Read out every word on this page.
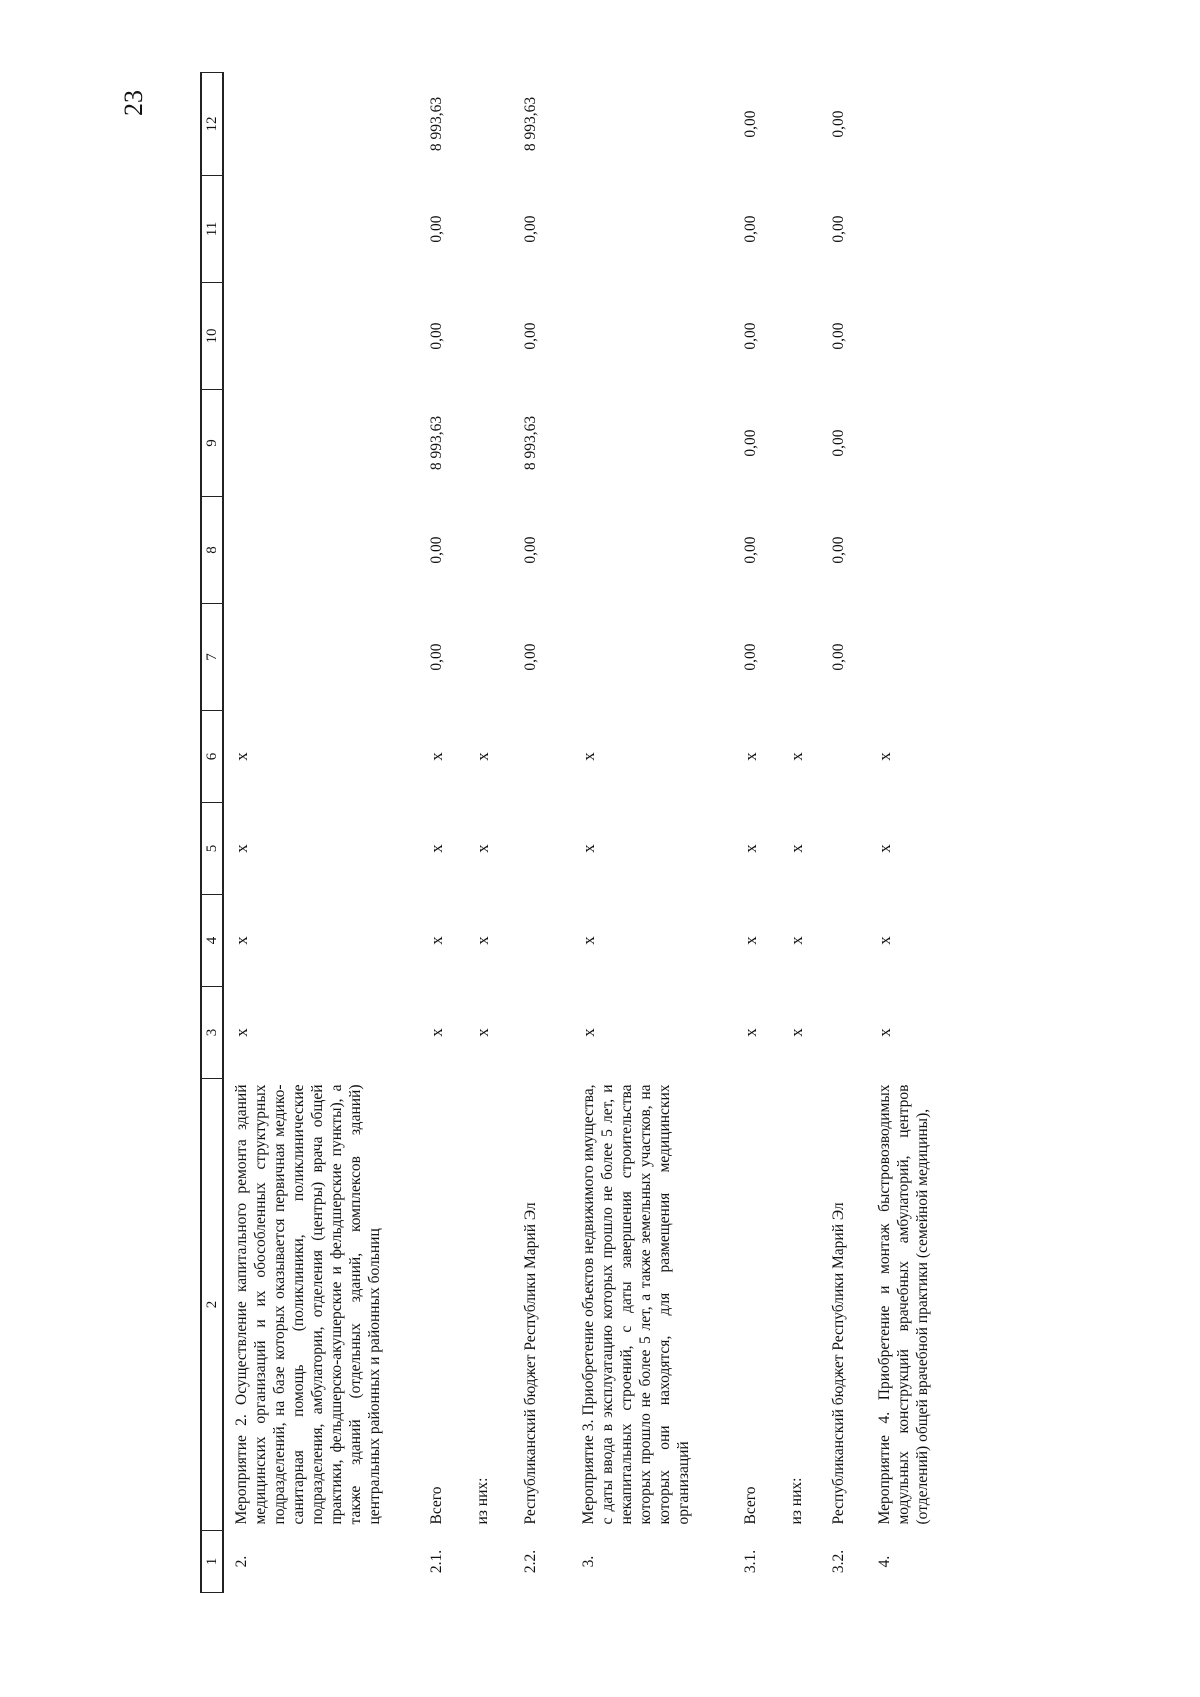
23
1	2	3	4	5	6	7	8	9	10	11	12
2.	Мероприятие 2. Осуществление капитального ремонта зданий медицинских организаций и их обособленных структурных подразделений, на базе которых оказывается первичная медико-санитарная помощь (поликлиники, поликлинические подразделения, амбулатории, отделения (центры) врача общей практики, фельдшерско-акушерские и фельдшерские пункты), а также зданий (отдельных зданий, комплексов зданий) центральных районных и районных больниц	x	x	x	x						
2.1.	Всего	x	x	x	x	0,00	0,00	8 993,63	0,00	0,00	8 993,63
	из них:	x	x	x	x						
2.2.	Республиканский бюджет Республики Марий Эл					0,00	0,00	8 993,63	0,00	0,00	8 993,63
3.	Мероприятие 3. Приобретение объектов недвижимого имущества, с даты ввода в эксплуатацию которых прошло не более 5 лет, и некапитальных строений, с даты завершения строительства которых прошло не более 5 лет, а также земельных участков, на которых они находятся, для размещения медицинских организаций	x	x	x	x						
3.1.	Всего	x	x	x	x	0,00	0,00	0,00	0,00	0,00	0,00
	из них:	x	x	x	x						
3.2.	Республиканский бюджет Республики Марий Эл					0,00	0,00	0,00	0,00	0,00	0,00
4.	Мероприятие 4. Приобретение и монтаж быстровозводимых модульных конструкций врачебных амбулаторий, центров (отделений) общей врачебной практики (семейной медицины),	x	x	x	x						
